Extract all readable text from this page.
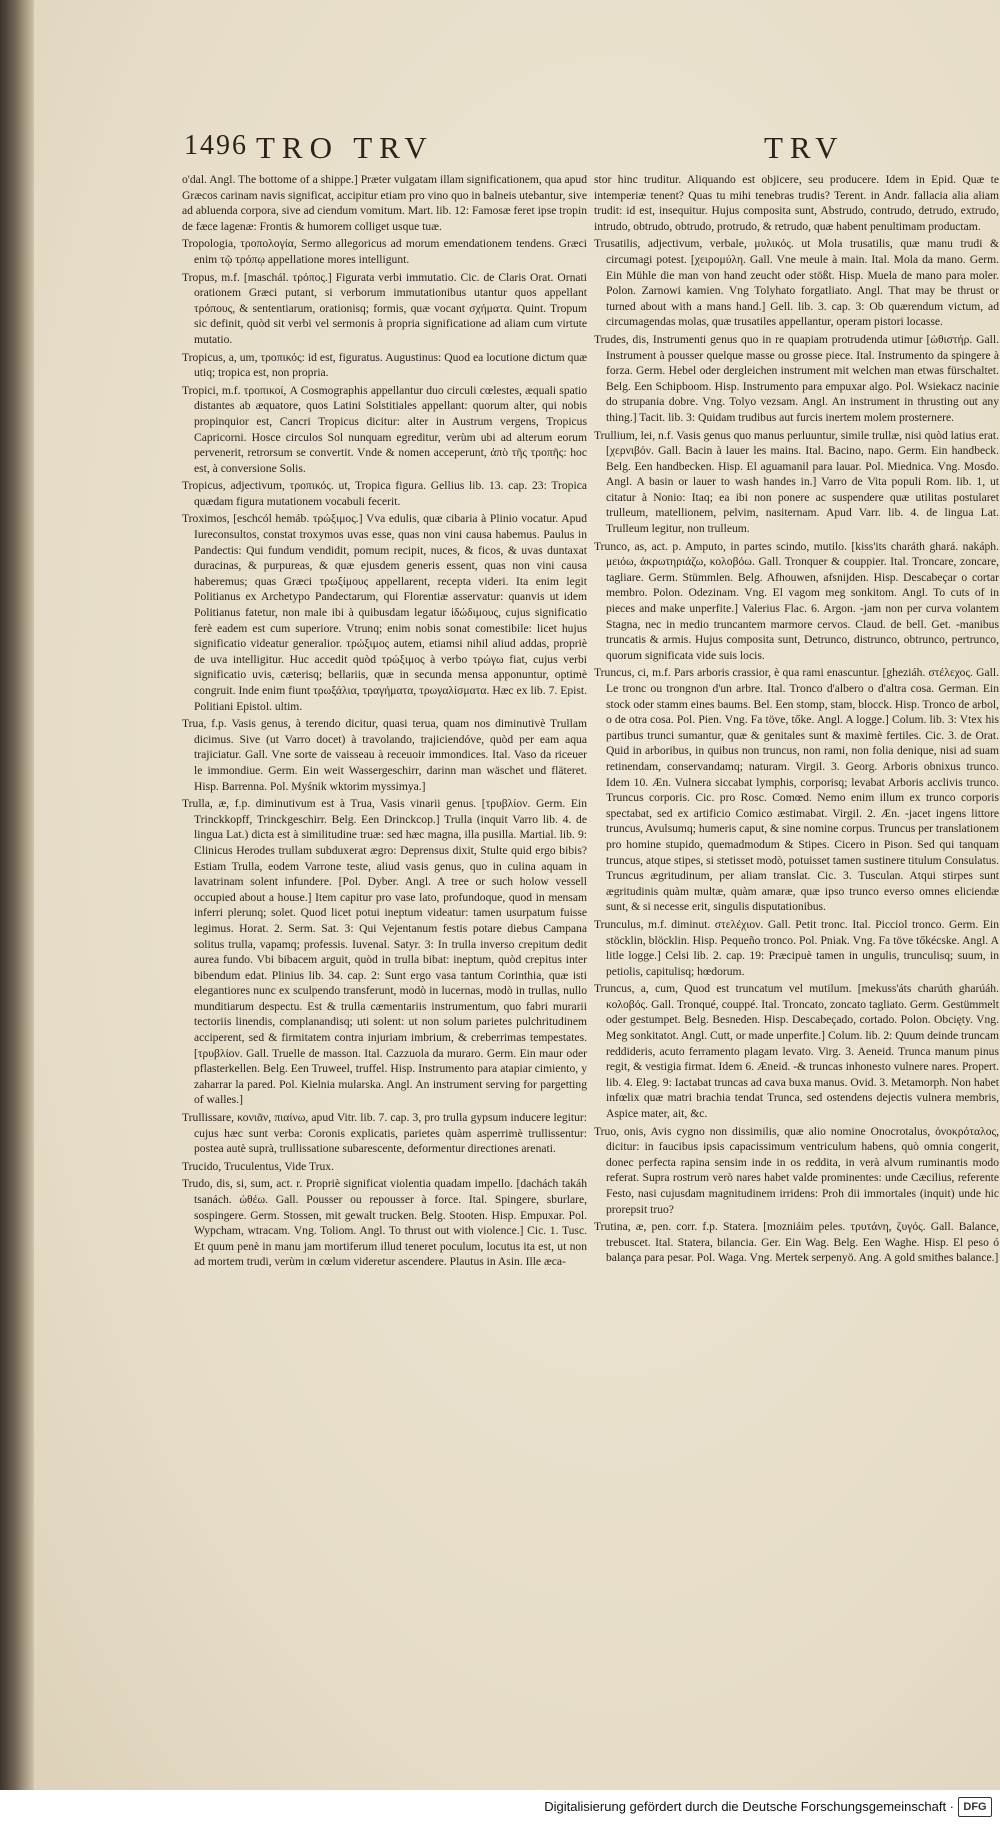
1496 TRO TRV	TRV

o'dal. Angl. The bottome of a shippe.] Præter vulgatam illam significationem, qua apud Græcos carinam navis significat, accipitur etiam pro vino quo in balneis utebantur, sive ad abluenda corpora, sive ad ciendum vomitum. Mart. lib. 12: Famosæ feret ipse tropin de fæce lagenæ: Frontis & humorem colliget usque tuæ.

Tropologia, τροπολογία, Sermo allegoricus ad morum emendationem tendens. Græci enim τῷ τρόπῳ appellatione mores intelligunt.

Tropus, m.f. [maschál. τρόπος.] Figurata verbi immutatio. Cic. de Claris Orat. Ornati orationem Græci putant, si verborum immutationibus utantur quos appellant τρόπους, & sententiarum, orationisq; formis, quæ vocant σχήματα. Quint. Tropum sic definit, quòd sit verbi vel sermonis à propria significatione ad aliam cum virtute mutatio.

Tropicus, a, um, τροπικός: id est, figuratus. Augustinus: Quod ea locutione dictum quæ utiq; tropica est, non propria.

Tropici, m.f. τροπικοί, A Cosmographis appellantur duo circuli cœlestes, æquali spatio distantes ab æquatore, quos Latini Solstitiales appellant: quorum alter, qui nobis propinquior est, Cancri Tropicus dicitur: alter in Austrum vergens, Tropicus Capricorni. Hosce circulos Sol nunquam egreditur, verùm ubi ad alterum eorum pervenerit, retrorsum se convertit. Vnde & nomen acceperunt, ἀπὸ τῆς τροπῆς: hoc est, à conversione Solis.

Tropicus, adjectivum, τροπικός. ut, Tropica figura. Gellius lib. 13. cap. 23: Tropica quædam figura mutationem vocabuli fecerit.

Troximos, [eschcól hemáb. τρώξιμος.] Vva edulis, quæ cibaria à Plinio vocatur. Apud Iureconsultos, constat troxymos uvas esse, quas non vini causa habemus. Paulus in Pandectis: Qui fundum vendidit, pomum recipit, nuces, & ficos, & uvas duntaxat duracinas, & purpureas, & quæ ejusdem generis essent, quas non vini causa haberemus; quas Græci τρωξίμους appellarent, recepta videri. Ita enim legit Politianus ex Archetypo Pandectarum, qui Florentiæ asservatur: quanvis ut idem Politianus fatetur, non male ibi à quibusdam legatur ἰδώδιμους, cujus significatio ferè eadem est cum superiore. Vtrunq; enim nobis sonat comestibile: licet hujus significatio videatur generalior. τρώξιμος autem, etiamsi nihil aliud addas, propriè de uva intelligitur. Huc accedit quòd τρώξιμος à verbo τρώγω fiat, cujus verbi significatio uvis, cæterisq; bellariis, quæ in secunda mensa apponuntur, optimè congruit. Inde enim fiunt τρωξάλια, τραγήματα, τρωγαλίσματα. Hæc ex lib. 7. Epist. Politiani Epistol. ultim.

Trua, f.p. Vasis genus, à terendo dicitur, quasi terua, quam nos diminutivè Trullam dicimus. Sive (ut Varro docet) à travolando, trajiciendóve, quòd per eam aqua trajiciatur. Gall. Vne sorte de vaisseau à receuoir immondices. Ital. Vaso da riceuer le immondiue. Germ. Ein weit Wassergeschirr, darinn man wäschet und fläteret. Hisp. Barrenna. Pol. Myśnik wktorim myssimya.]

Trulla, æ, f.p. diminutivum est à Trua, Vasis vinarii genus. [τρυβλίον. Germ. Ein Trinckkopff, Trinckgeschirr. Belg. Een Drinckcop.] Trulla (inquit Varro lib. 4. de lingua Lat.) dicta est à similitudine truæ: sed hæc magna, illa pusilla. Martial. lib. 9: Clinicus Herodes trullam subduxerat ægro: Deprensus dixit, Stulte quid ergo bibis? Estiam Trulla, eodem Varrone teste, aliud vasis genus, quo in culina aquam in lavatrinam solent infundere. [Pol. Dyber. Angl. A tree or such holow vessell occupied about a house.] Item capitur pro vase lato, profundoque, quod in mensam inferri plerunq; solet. Quod licet potui ineptum videatur: tamen usurpatum fuisse legimus. Horat. 2. Serm. Sat. 3: Qui Vejentanum festis potare diebus Campana solitus trulla, vapamq; professis. Iuvenal. Satyr. 3: In trulla inverso crepitum dedit aurea fundo. Vbi bibacem arguit, quòd in trulla bibat: ineptum, quòd crepitus inter bibendum edat. Plinius lib. 34. cap. 2: Sunt ergo vasa tantum Corinthia, quæ isti elegantiores nunc ex sculpendo transferunt, modò in lucernas, modò in trullas, nullo munditiarum despectu. Est & trulla cæmentariis instrumentum, quo fabri murarii tectoriis linendis, complanandisq; uti solent: ut non solum parietes pulchritudinem acciperent, sed & firmitatem contra injuriam imbrium, & creberrimas tempestates. [τρυβλίον. Gall. Truelle de masson. Ital. Cazzuola da muraro. Germ. Ein maur oder pflasterkellen. Belg. Een Truweel, truffel. Hisp. Instrumento para atapiar cimiento, y zaharrar la pared. Pol. Kielnia mularska. Angl. An instrument serving for pargetting of walles.]

Trullissare, κονιᾶν, πιαίνω, apud Vitr. lib. 7. cap. 3, pro trulla gypsum inducere legitur: cujus hæc sunt verba: Coronis explicatis, parietes quàm asperrimè trullissentur: postea autè suprà, trullissatione subarescente, deformentur directiones arenati.

Trucido, Truculentus, Vide Trux.

Trudo, dis, si, sum, act. r. Propriè significat violentia quadam impello. [dachách takáh tsanách. ὠθέω. Gall. Pousser ou repousser à force. Ital. Spingere, sburlare, sospingere. Germ. Stossen, mit gewalt trucken. Belg. Stooten. Hisp. Empuxar. Pol. Wypcham, wtracam. Vng. Toliom. Angl. To thrust out with violence.] Cic. 1. Tusc. Et quum penè in manu jam mortiferum illud teneret poculum, locutus ita est, ut non ad mortem trudi, verùm in cœlum videretur ascendere. Plautus in Asin. Ille æca-

stor hinc truditur. Aliquando est objicere, seu producere. Idem in Epid. Quæ te intemperiæ tenent? Quas tu mihi tenebras trudis? Terent. in Andr. fallacia alia aliam trudit: id est, insequitur. Hujus composita sunt, Abstrudo, contrudo, detrudo, extrudo, intrudo, obtrudo, obtrudo, protrudo, & retrudo, quæ habent penultimam productam.

Trusatilis, adjectivum, verbale, μυλικός. ut Mola trusatilis, quæ manu trudi & circumagi potest. [χειρομύλη. Gall. Vne meule à main. Ital. Mola da mano. Germ. Ein Mühle die man von hand zeucht oder stößt. Hisp. Muela de mano para moler. Polon. Zarnowi kamien. Vng Tolyhato forgatliato. Angl. That may be thrust or turned about with a mans hand.] Gell. lib. 3. cap. 3: Ob quærendum victum, ad circumagendas molas, quæ trusatiles appellantur, operam pistori locasse.

Trudes, dis, Instrumenti genus quo in re quapiam protrudenda utimur [ὠθιστήρ. Gall. Instrument à pousser quelque masse ou grosse piece. Ital. Instrumento da spingere à forza. Germ. Hebel oder dergleichen instrument mit welchen man etwas fürschaltet. Belg. Een Schipboom. Hisp. Instrumento para empuxar algo. Pol. Wsiekacz nacinie do strupania dobre. Vng. Tolyo vezsam. Angl. An instrument in thrusting out any thing.] Tacit. lib. 3: Quidam trudibus aut furcis inertem molem prosternere.

Trullium, lei, n.f. Vasis genus quo manus perluuntur, simile trullæ, nisi quòd latius erat. [χερνιβόν. Gall. Bacin à lauer les mains. Ital. Bacino, napo. Germ. Ein handbeck. Belg. Een handbecken. Hisp. El aguamanil para lauar. Pol. Miednica. Vng. Mosdo. Angl. A basin or lauer to wash handes in.] Varro de Vita populi Rom. lib. 1, ut citatur à Nonio: Itaq; ea ibi non ponere ac suspendere quæ utilitas postularet trulleum, matellionem, pelvim, nasiternam. Apud Varr. lib. 4. de lingua Lat. Trulleum legitur, non trulleum.

Trunco, as, act. p. Amputo, in partes scindo, mutilo. [kiss'its charáth ghará. nakáph. μειόω, ἀκρωτηριάζω, κολοβόω. Gall. Tronquer & couppier. Ital. Troncare, zoncare, tagliare. Germ. Stümmlen. Belg. Afhouwen, afsnijden. Hisp. Descabeçar o cortar membro. Polon. Odezinam. Vng. El vagom meg sonkitom. Angl. To cuts of in pieces and make unperfite.] Valerius Flac. 6. Argon. -jam non per curva volantem Stagna, nec in medio truncantem marmore cervos. Claud. de bell. Get. -manibus truncatis & armis. Hujus composita sunt, Detrunco, distrunco, obtrunco, pertrunco, quorum significata vide suis locis.

Truncus, ci, m.f. Pars arboris crassior, è qua rami enascuntur. [gheziáh. στέλεχος. Gall. Le tronc ou trongnon d'un arbre. Ital. Tronco d'albero o d'altra cosa. German. Ein stock oder stamm eines baums. Bel. Een stomp, stam, blocck. Hisp. Tronco de arbol, o de otra cosa. Pol. Pien. Vng. Fa töve, tőke. Angl. A logge.] Colum. lib. 3: Vtex his partibus trunci sumantur, quæ & genitales sunt & maximè fertiles. Cic. 3. de Orat. Quid in arboribus, in quibus non truncus, non rami, non folia denique, nisi ad suam retinendam, conservandamq; naturam. Virgil. 3. Georg. Arboris obnixus trunco. Idem 10. Æn. Vulnera siccabat lymphis, corporisq; levabat Arboris acclivis trunco. Truncus corporis. Cic. pro Rosc. Comœd. Nemo enim illum ex trunco corporis spectabat, sed ex artificio Comico æstimabat. Virgil. 2. Æn. -jacet ingens littore truncus, Avulsumq; humeris caput, & sine nomine corpus. Truncus per translationem pro homine stupido, quemadmodum & Stipes. Cicero in Pison. Sed qui tanquam truncus, atque stipes, si stetisset modò, potuisset tamen sustinere titulum Consulatus. Truncus ægritudinum, per aliam translat. Cic. 3. Tusculan. Atqui stirpes sunt ægritudinis quàm multæ, quàm amaræ, quæ ipso trunco everso omnes eliciendæ sunt, & si necesse erit, singulis disputationibus.

Trunculus, m.f. diminut. στελέχιον. Gall. Petit tronc. Ital. Picciol tronco. Germ. Ein stöcklin, blöcklin. Hisp. Pequeño tronco. Pol. Pniak. Vng. Fa töve tőkécske. Angl. A litle logge.] Celsi lib. 2. cap. 19: Præcipuè tamen in ungulis, trunculisq; suum, in petiolis, capitulisq; hœdorum.

Truncus, a, cum, Quod est truncatum vel mutilum. [mekuss'áts charúth gharúáh. κολοβός. Gall. Tronqué, couppé. Ital. Troncato, zoncato tagliato. Germ. Gestümmelt oder gestumpet. Belg. Besneden. Hisp. Descabeçado, cortado. Polon. Obcięty. Vng. Meg sonkitatot. Angl. Cutt, or made unperfite.] Colum. lib. 2: Quum deinde truncam reddideris, acuto ferramento plagam levato. Virg. 3. Aeneid. Trunca manum pinus regit, & vestigia firmat. Idem 6. Æneid. -& truncas inhonesto vulnere nares. Propert. lib. 4. Eleg. 9: Iactabat truncas ad cava buxa manus. Ovid. 3. Metamorph. Non habet infœlix quæ matri brachia tendat Trunca, sed ostendens dejectis vulnera membris, Aspice mater, ait, &c.

Truo, onis, Avis cygno non dissimilis, quæ alio nomine Onocrotalus, ὀνοκρόταλος, dicitur: in faucibus ipsis capacissimum ventriculum habens, quò omnia congerit, donec perfecta rapina sensim inde in os reddita, in verà alvum ruminantis modo referat. Supra rostrum verò nares habet valde prominentes: unde Cæcilius, referente Festo, nasi cujusdam magnitudinem irridens: Proh dii immortales (inquit) unde hic prorepsit truo?

Trutina, æ, pen. corr. f.p. Statera. [mozniáim peles. τρυτάνη, ζυγός. Gall. Balance, trebuscet. Ital. Statera, bilancia. Ger. Ein Wag. Belg. Een Waghe. Hisp. El peso ó balança para pesar. Pol. Waga. Vng. Mertek serpenyö. Ang. A gold smithes balance.]

Digitalisierung gefördert durch die Deutsche Forschungsgemeinschaft · DFG
